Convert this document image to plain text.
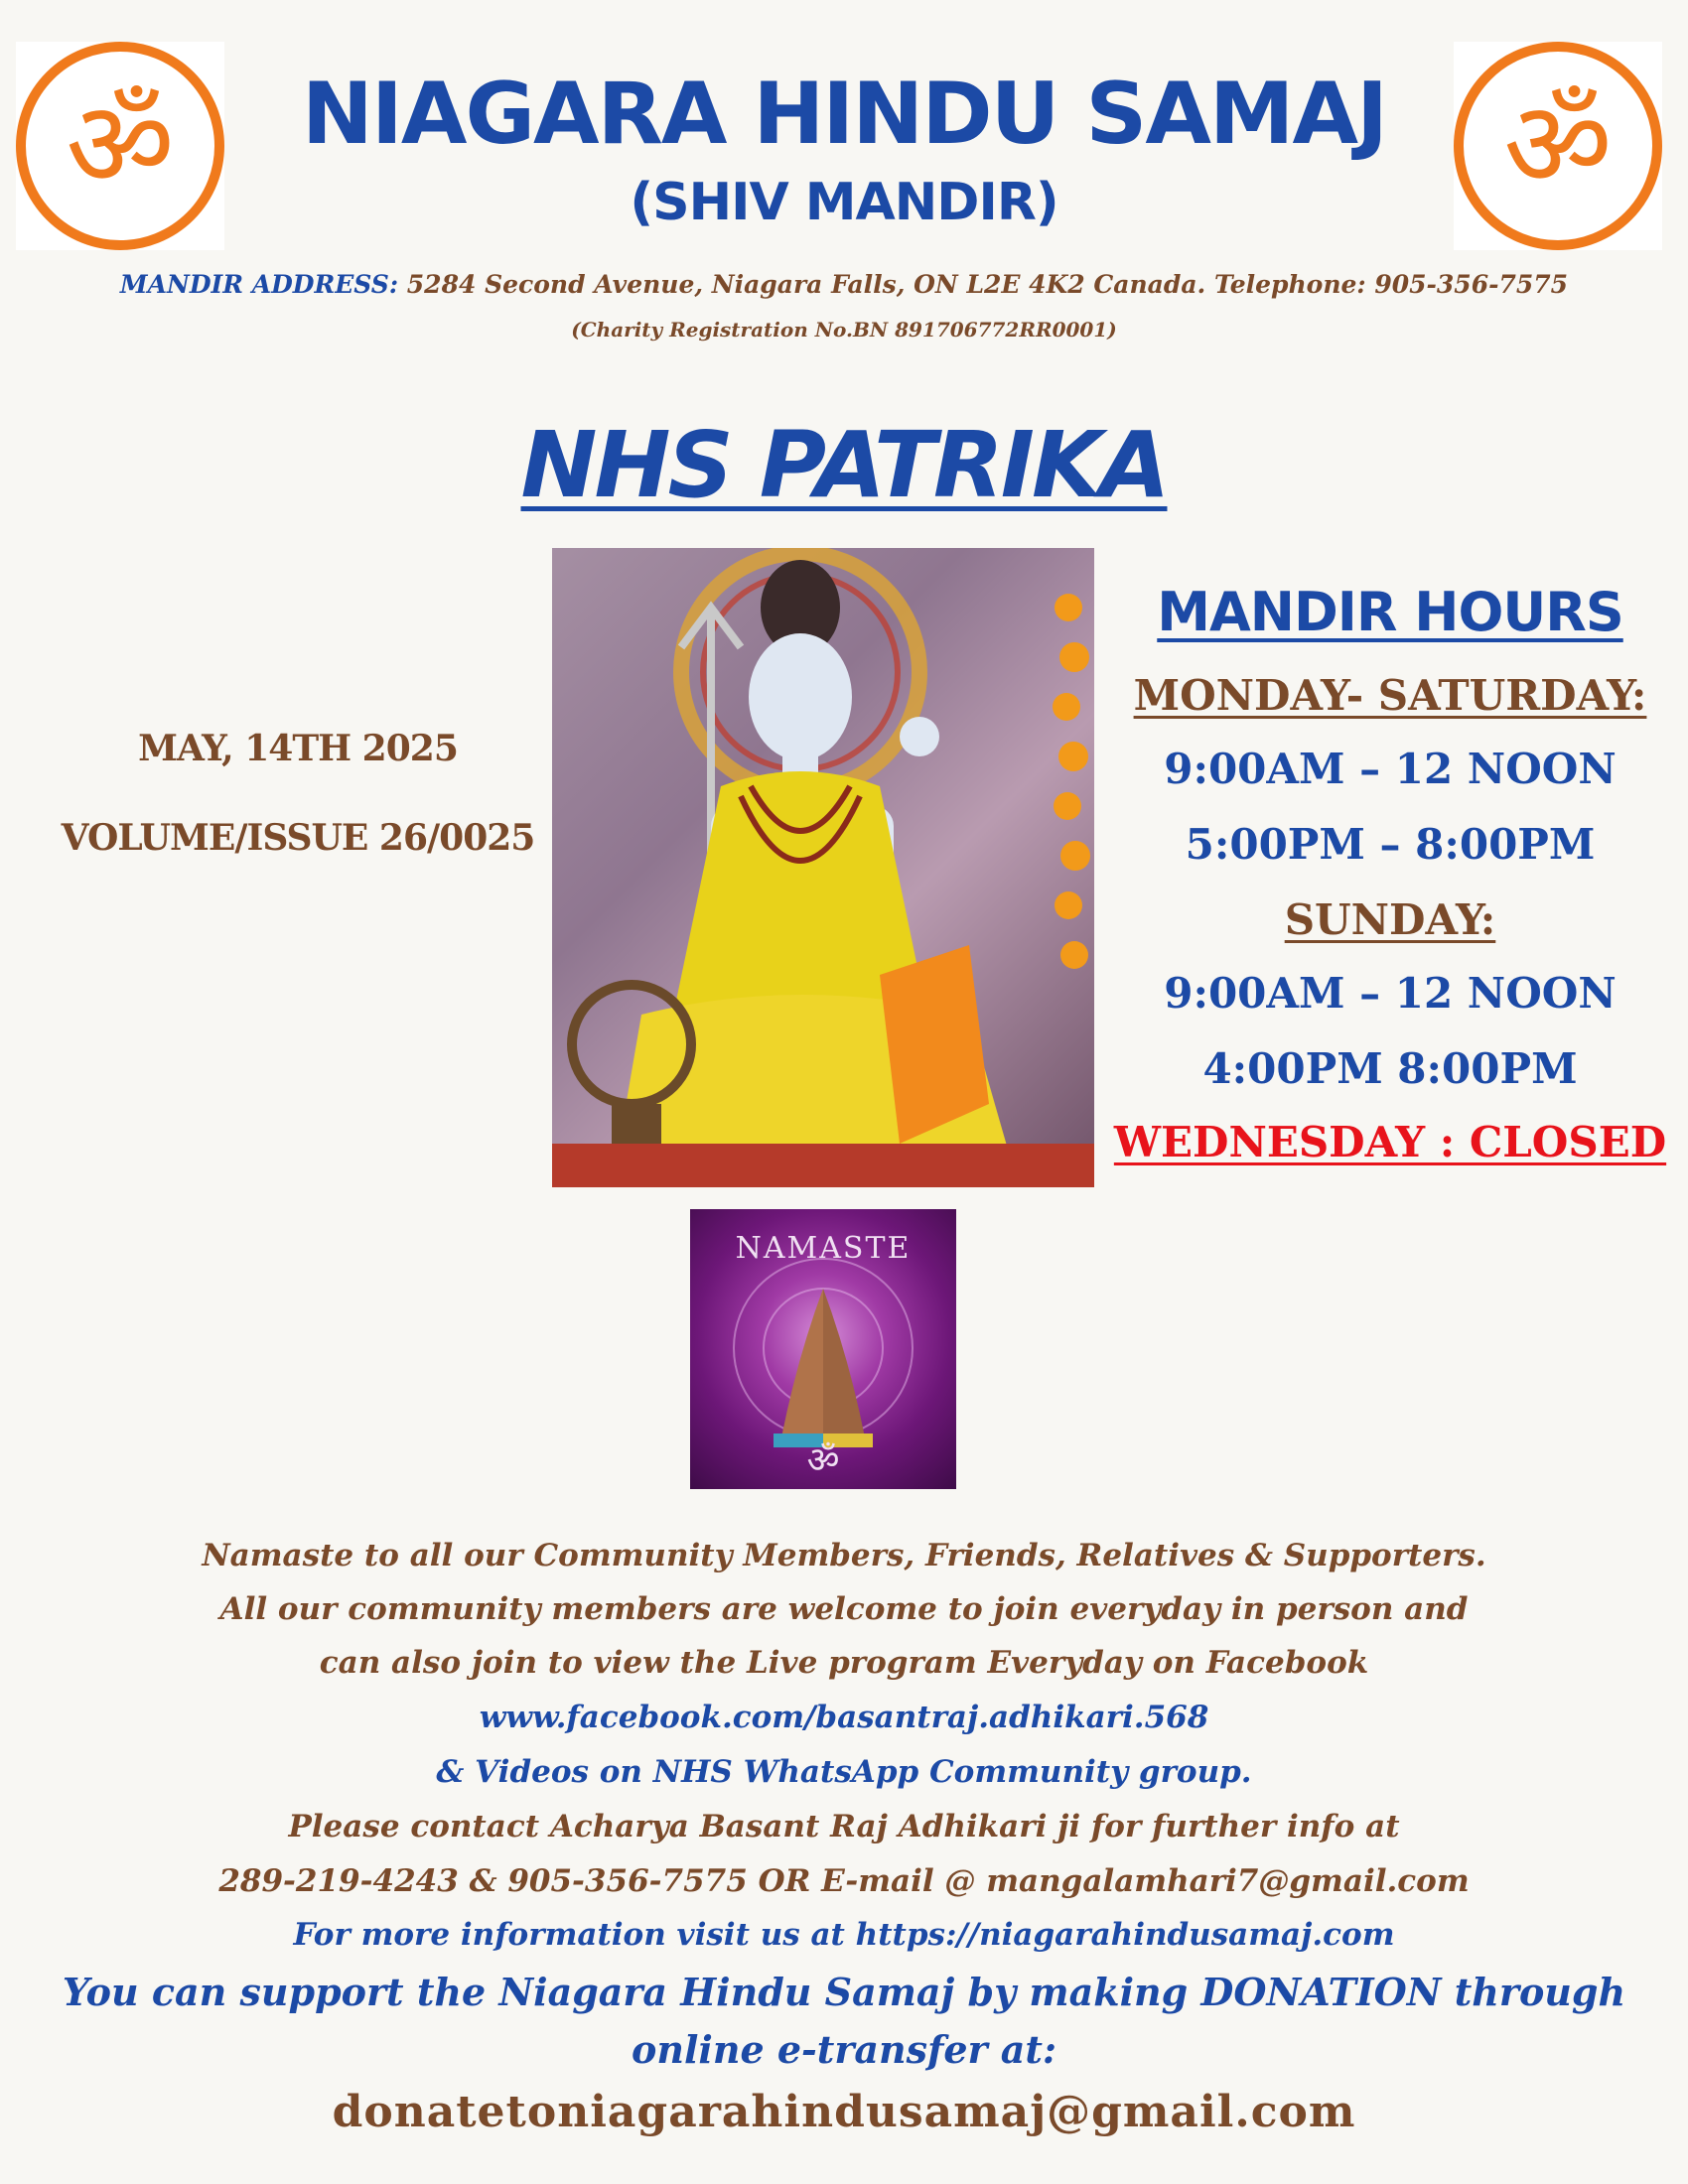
ॐ	ॐ
NIAGARA HINDU SAMAJ
(SHIV MANDIR)
MANDIR ADDRESS: 5284 Second Avenue, Niagara Falls, ON L2E 4K2 Canada. Telephone: 905-356-7575
(Charity Registration No.BN 891706772RR0001)
NHS PATRIKA
MAY, 14TH 2025
VOLUME/ISSUE 26/0025
MANDIR HOURS
MONDAY- SATURDAY:
9:00AM – 12 NOON
5:00PM – 8:00PM
SUNDAY:
9:00AM – 12 NOON
4:00PM 8:00PM
WEDNESDAY : CLOSED
NAMASTE
ॐ
Namaste to all our Community Members, Friends, Relatives & Supporters.
All our community members are welcome to join everyday in person and
can also join to view the Live program Everyday on Facebook
www.facebook.com/basantraj.adhikari.568
& Videos on NHS WhatsApp Community group.
Please contact Acharya Basant Raj Adhikari ji for further info at
289-219-4243 & 905-356-7575 OR E-mail @ mangalamhari7@gmail.com
For more information visit us at https://niagarahindusamaj.com
You can support the Niagara Hindu Samaj by making DONATION through
online e-transfer at:
donatetoniagarahindusamaj@gmail.com
